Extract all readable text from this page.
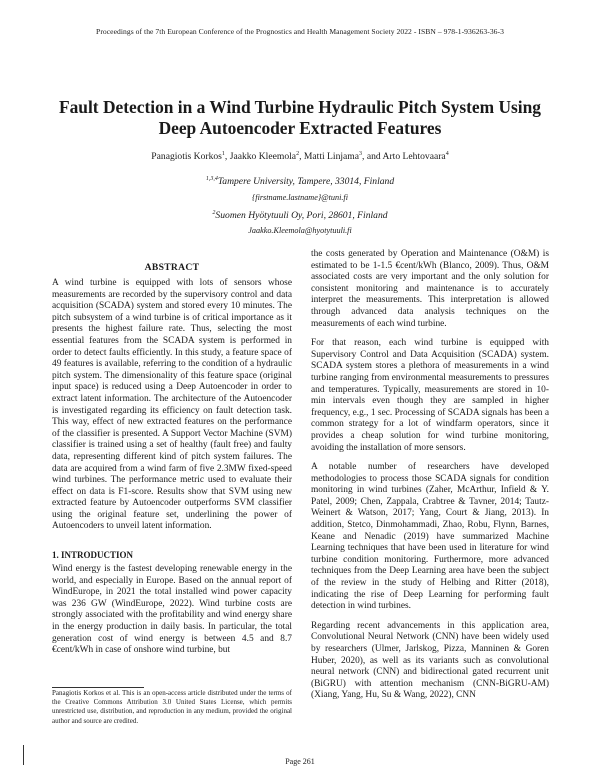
Proceedings of the 7th European Conference of the Prognostics and Health Management Society 2022 - ISBN – 978-1-936263-36-3
Fault Detection in a Wind Turbine Hydraulic Pitch System Using Deep Autoencoder Extracted Features
Panagiotis Korkos$^1$, Jaakko Kleemola$^2$, Matti Linjama$^3$, and Arto Lehtovaara$^4$
$^{1,3,4}$Tampere University, Tampere, 33014, Finland
{firstname.lastname}@tuni.fi
$^2$Suomen Hyötytuuli Oy, Pori, 28601, Finland
Jaakko.Kleemola@hyotytuuli.fi
ABSTRACT

A wind turbine is equipped with lots of sensors whose measurements are recorded by the supervisory control and data acquisition (SCADA) system and stored every 10 minutes. The pitch subsystem of a wind turbine is of critical importance as it presents the highest failure rate. Thus, selecting the most essential features from the SCADA system is performed in order to detect faults efficiently. In this study, a feature space of 49 features is available, referring to the condition of a hydraulic pitch system. The dimensionality of this feature space (original input space) is reduced using a Deep Autoencoder in order to extract latent information. The architecture of the Autoencoder is investigated regarding its efficiency on fault detection task. This way, effect of new extracted features on the performance of the classifier is presented. A Support Vector Machine (SVM) classifier is trained using a set of healthy (fault free) and faulty data, representing different kind of pitch system failures. The data are acquired from a wind farm of five 2.3MW fixed-speed wind turbines. The performance metric used to evaluate their effect on data is F1-score. Results show that SVM using new extracted feature by Autoencoder outperforms SVM classifier using the original feature set, underlining the power of Autoencoders to unveil latent information.

1. INTRODUCTION

Wind energy is the fastest developing renewable energy in the world, and especially in Europe. Based on the annual report of WindEurope, in 2021 the total installed wind power capacity was 236 GW (WindEurope, 2022). Wind turbine costs are strongly associated with the profitability and wind energy share in the energy production in daily basis. In particular, the total generation cost of wind energy is between 4.5 and 8.7 €cent/kWh in case of onshore wind turbine, but

Panagiotis Korkos et al. This is an open-access article distributed under the terms of the Creative Commons Attribution 3.0 United States License, which permits unrestricted use, distribution, and reproduction in any medium, provided the original author and source are credited.

the costs generated by Operation and Maintenance (O&M) is estimated to be 1-1.5 €cent/kWh (Blanco, 2009). Thus, O&M associated costs are very important and the only solution for consistent monitoring and maintenance is to accurately interpret the measurements. This interpretation is allowed through advanced data analysis techniques on the measurements of each wind turbine.

For that reason, each wind turbine is equipped with Supervisory Control and Data Acquisition (SCADA) system. SCADA system stores a plethora of measurements in a wind turbine ranging from environmental measurements to pressures and temperatures. Typically, measurements are stored in 10-min intervals even though they are sampled in higher frequency, e.g., 1 sec. Processing of SCADA signals has been a common strategy for a lot of windfarm operators, since it provides a cheap solution for wind turbine monitoring, avoiding the installation of more sensors.

A notable number of researchers have developed methodologies to process those SCADA signals for condition monitoring in wind turbines (Zaher, McArthur, Infield & Y. Patel, 2009; Chen, Zappala, Crabtree & Tavner, 2014; Tautz-Weinert & Watson, 2017; Yang, Court & Jiang, 2013). In addition, Stetco, Dinmohammadi, Zhao, Robu, Flynn, Barnes, Keane and Nenadic (2019) have summarized Machine Learning techniques that have been used in literature for wind turbine condition monitoring. Furthermore, more advanced techniques from the Deep Learning area have been the subject of the review in the study of Helbing and Ritter (2018), indicating the rise of Deep Learning for performing fault detection in wind turbines.

Regarding recent advancements in this application area, Convolutional Neural Network (CNN) have been widely used by researchers (Ulmer, Jarlskog, Pizza, Manninen & Goren Huber, 2020), as well as its variants such as convolutional neural network (CNN) and bidirectional gated recurrent unit (BiGRU) with attention mechanism (CNN-BiGRU-AM) (Xiang, Yang, Hu, Su & Wang, 2022), CNN

Page 261
